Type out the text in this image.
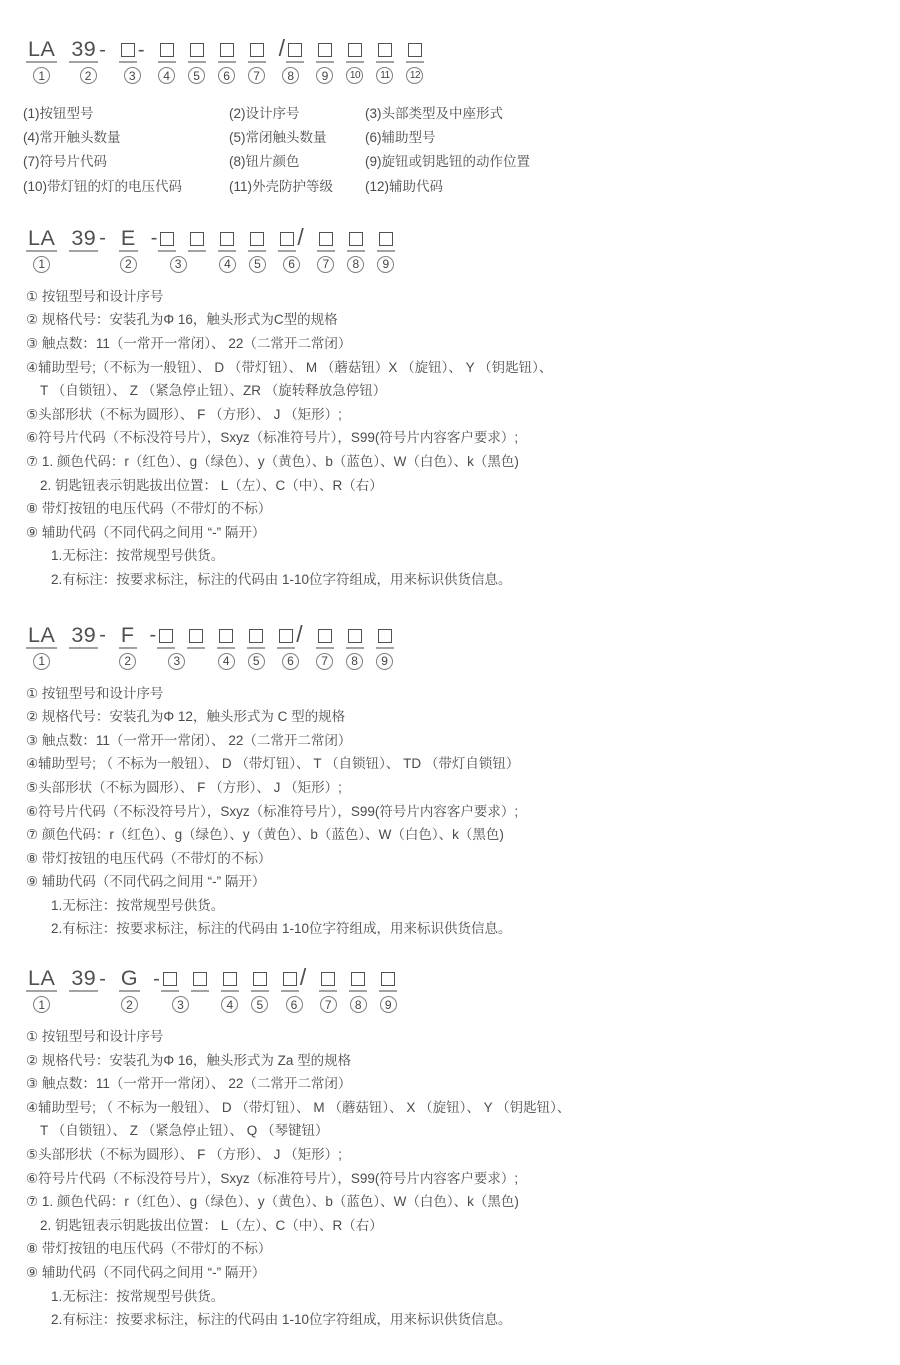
LA
1
39 -
2
-
3	4	5	6	7
/
8	9	10	11	12
(1)按钮型号	(2)设计序号	(3)头部类型及中座形式
(4)常开触头数量	(5)常闭触头数量	(6)辅助型号
(7)符号片代码	(8)钮片颜色	(9)旋钮或钥匙钮的动作位置
(10)带灯钮的灯的电压代码	(11)外壳防护等级	(12)辅助代码
LA
1
39 - E
2
-
3	4	5
/
6	7	8	9
① 按钮型号和设计序号
② 规格代号：安装孔为Φ 16，触头形式为C型的规格
③ 触点数：11（一常开一常闭）、 22（二常开二常闭）
④辅助型号;（不标为一般钮）、 D （带灯钮）、 M （蘑菇钮）X （旋钮）、 Y （钥匙钮）、
T （自锁钮）、 Z （紧急停止钮）、ZR （旋转释放急停钮）
⑤头部形状（不标为圆形）、 F （方形）、 J （矩形）;
⑥符号片代码（不标没符号片），Sxyz（标准符号片），S99(符号片内容客户要求）;
⑦ 1. 颜色代码：r（红色）、g（绿色）、y（黄色）、b（蓝色）、W（白色）、k（黑色)
2. 钥匙钮表示钥匙拔出位置： L（左）、C（中）、R（右）
⑧ 带灯按钮的电压代码（不带灯的不标）
⑨ 辅助代码（不同代码之间用 “-” 隔开）
1.无标注：按常规型号供货。
2.有标注：按要求标注，标注的代码由 1-10位字符组成，用来标识供货信息。
LA
1
39 - F
2
-
3	4	5
/
6	7	8	9
① 按钮型号和设计序号
② 规格代号：安装孔为Φ 12，触头形式为 C 型的规格
③ 触点数：11（一常开一常闭）、 22（二常开二常闭）
④辅助型号; （ 不标为一般钮）、 D （带灯钮）、 T （自锁钮）、 TD （带灯自锁钮）
⑤头部形状（不标为圆形）、 F （方形）、 J （矩形）;
⑥符号片代码（不标没符号片），Sxyz（标准符号片），S99(符号片内容客户要求）;
⑦ 颜色代码：r（红色）、g（绿色）、y（黄色）、b（蓝色）、W（白色）、k（黑色)
⑧ 带灯按钮的电压代码（不带灯的不标）
⑨ 辅助代码（不同代码之间用 “-” 隔开）
1.无标注：按常规型号供货。
2.有标注：按要求标注，标注的代码由 1-10位字符组成，用来标识供货信息。
LA
1
39 - G
2
-
3	4	5
/
6	7	8	9
① 按钮型号和设计序号
② 规格代号：安装孔为Φ 16，触头形式为 Za 型的规格
③ 触点数：11（一常开一常闭）、 22（二常开二常闭）
④辅助型号; （ 不标为一般钮）、 D （带灯钮）、 M （蘑菇钮）、 X （旋钮）、 Y （钥匙钮）、
T （自锁钮）、 Z （紧急停止钮）、 Q （琴键钮）
⑤头部形状（不标为圆形）、 F （方形）、 J （矩形）;
⑥符号片代码（不标没符号片），Sxyz（标准符号片），S99(符号片内容客户要求）;
⑦ 1. 颜色代码：r（红色）、g（绿色）、y（黄色）、b（蓝色）、W（白色）、k（黑色)
2. 钥匙钮表示钥匙拔出位置： L（左）、C（中）、R（右）
⑧ 带灯按钮的电压代码（不带灯的不标）
⑨ 辅助代码（不同代码之间用 “-” 隔开）
1.无标注：按常规型号供货。
2.有标注：按要求标注，标注的代码由 1-10位字符组成，用来标识供货信息。
